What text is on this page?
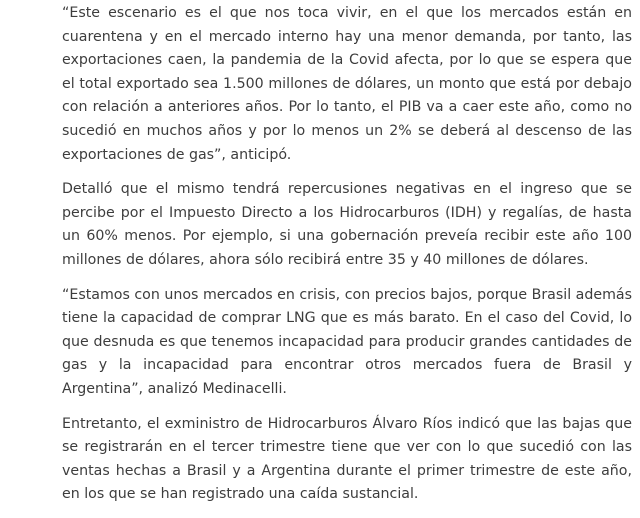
“Este escenario es el que nos toca vivir, en el que los mercados están en cuarentena y en el mercado interno hay una menor demanda, por tanto, las exportaciones caen, la pandemia de la Covid afecta, por lo que se espera que el total exportado sea 1.500 millones de dólares, un monto que está por debajo con relación a anteriores años. Por lo tanto, el PIB va a caer este año, como no sucedió en muchos años y por lo menos un 2% se deberá al descenso de las exportaciones de gas”, anticipó.

Detalló que el mismo tendrá repercusiones negativas en el ingreso que se percibe por el Impuesto Directo a los Hidrocarburos (IDH) y regalías, de hasta un 60% menos. Por ejemplo, si una gobernación preveía recibir este año 100 millones de dólares, ahora sólo recibirá entre 35 y 40 millones de dólares.

“Estamos con unos mercados en crisis, con precios bajos, porque Brasil además tiene la capacidad de comprar LNG que es más barato. En el caso del Covid, lo que desnuda es que tenemos incapacidad para producir grandes cantidades de gas y la incapacidad para encontrar otros mercados fuera de Brasil y Argentina”, analizó Medinacelli.

Entretanto, el exministro de Hidrocarburos Álvaro Ríos indicó que las bajas que se registrarán en el tercer trimestre tiene que ver con lo que sucedió con las ventas hechas a Brasil y a Argentina durante el primer trimestre de este año, en los que se han registrado una caída sustancial.
